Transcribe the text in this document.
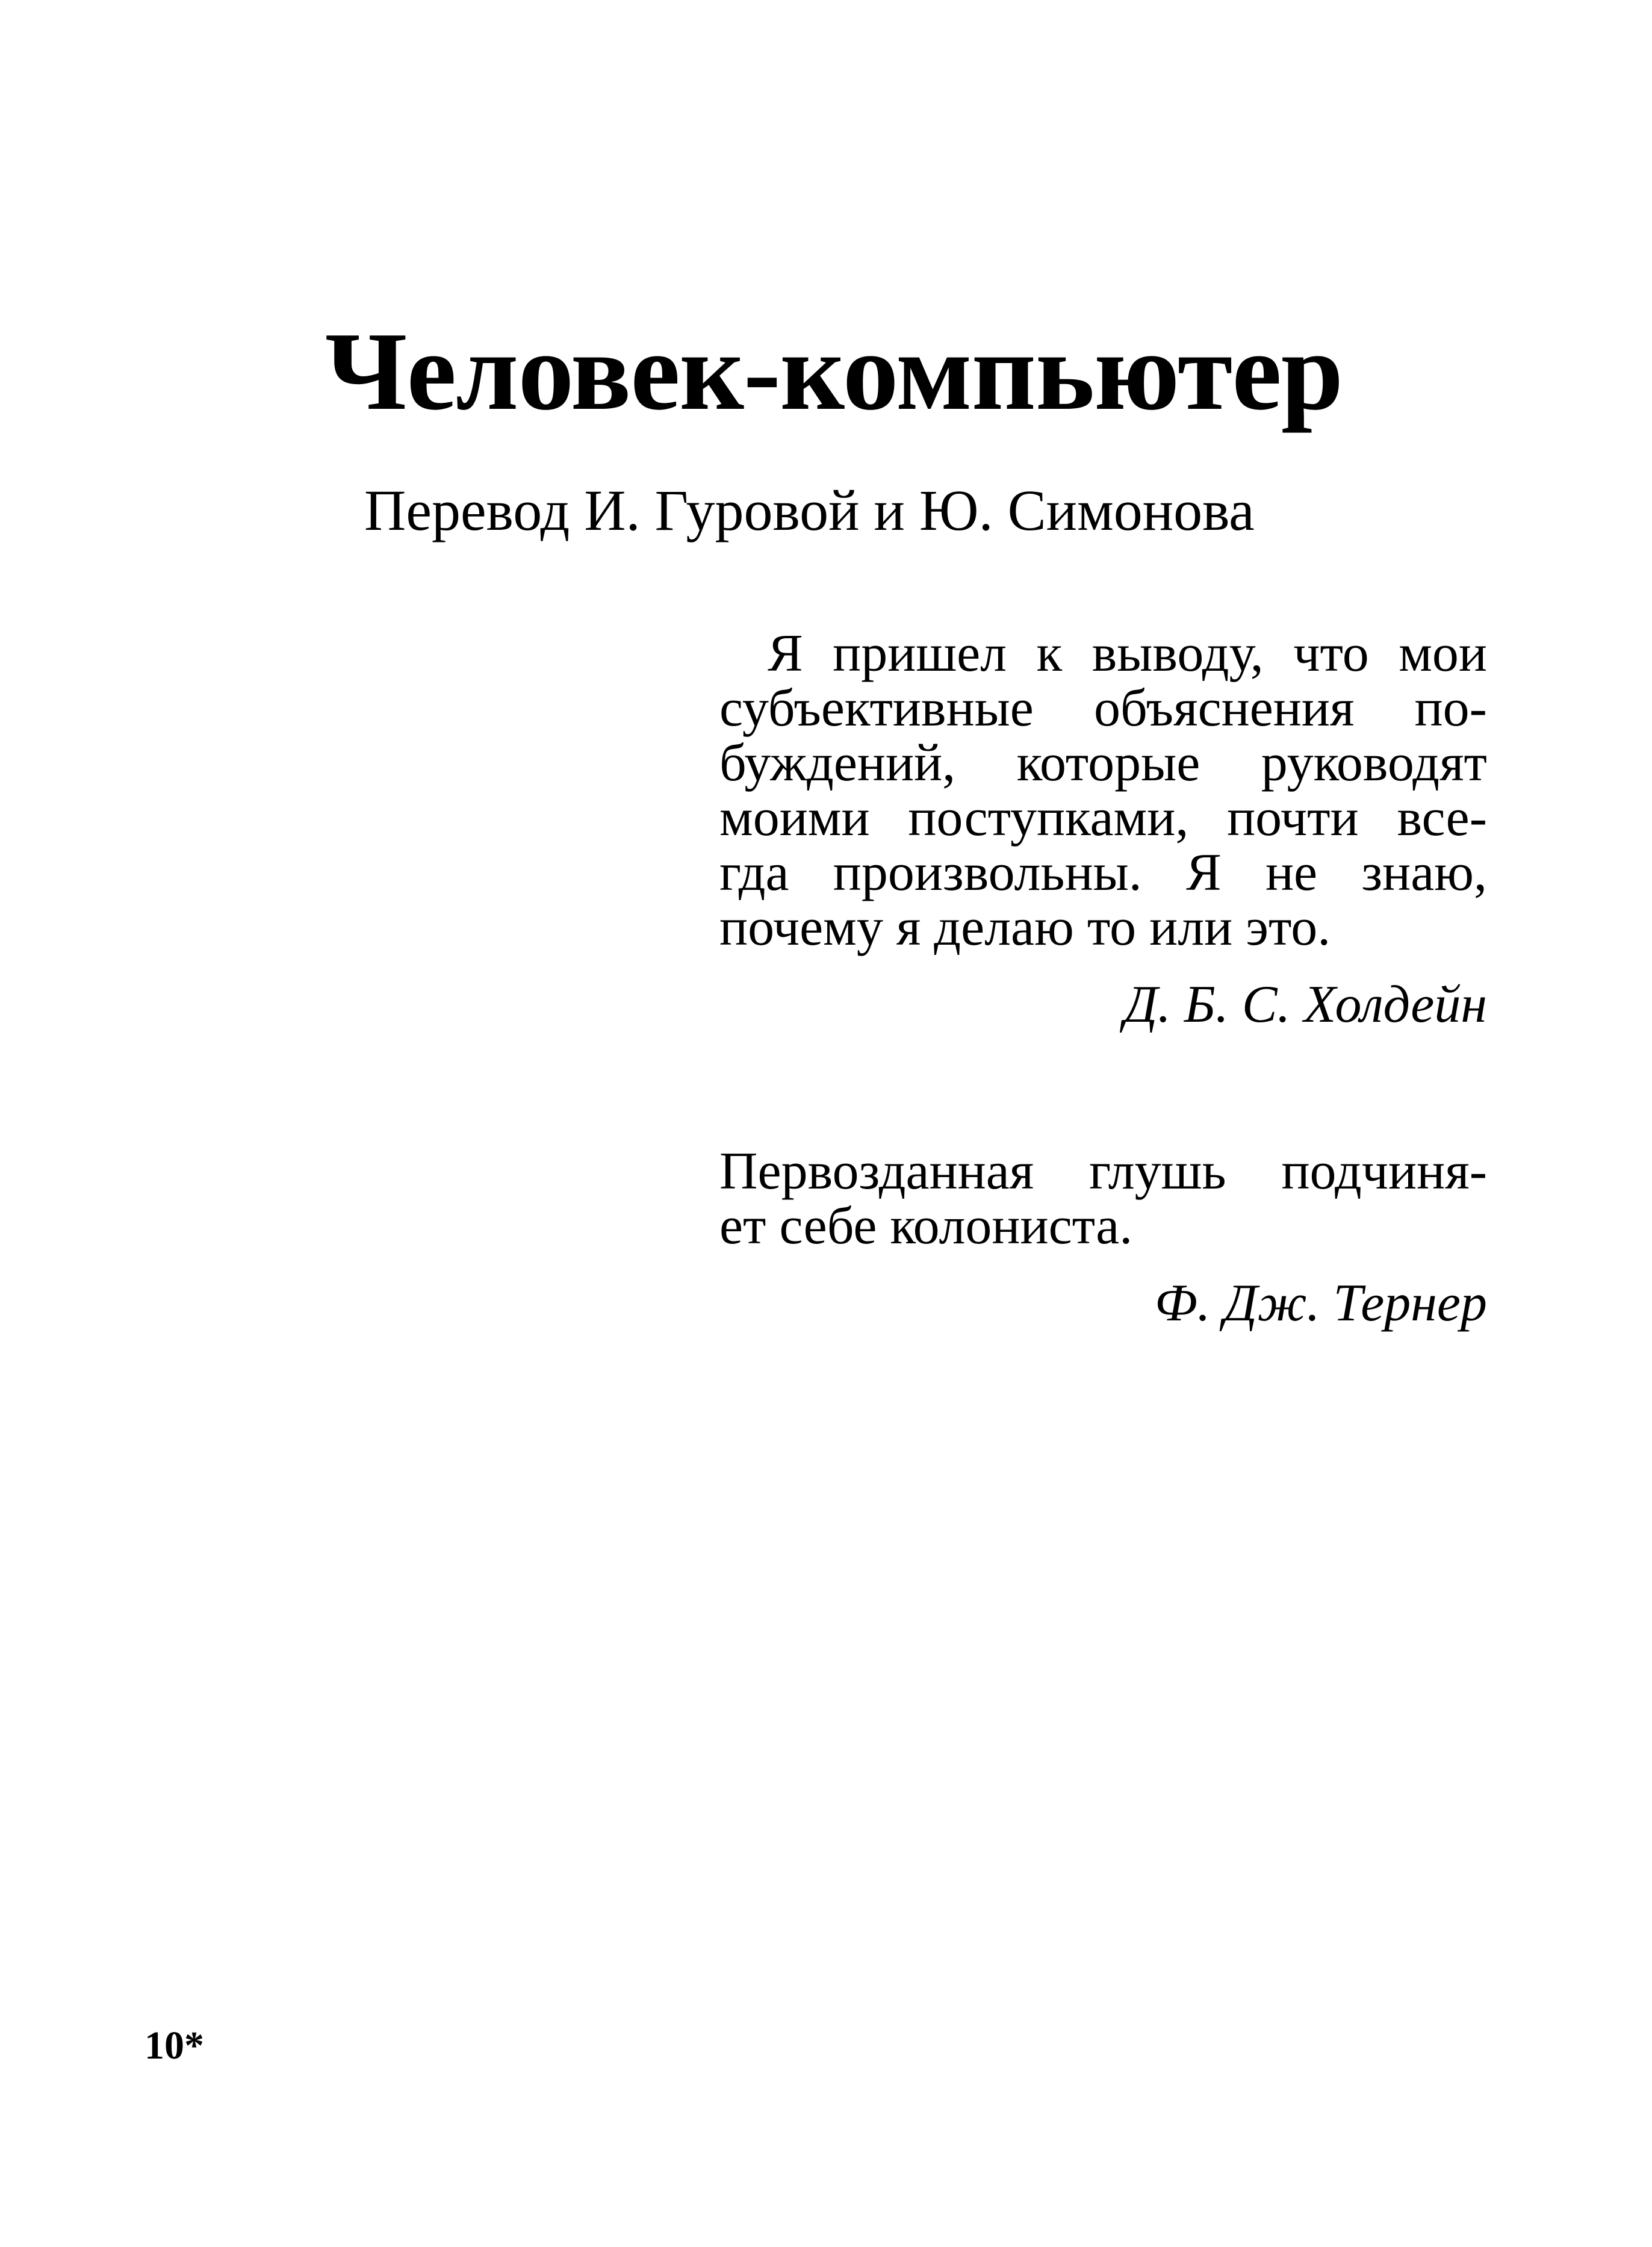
Человек-компьютер

Перевод И. Гуровой и Ю. Симонова

Я пришел к выводу, что мои
субъективные объяснения по-
буждений, которые руководят
моими поступками, почти все-
гда произвольны. Я не знаю,
почему я делаю то или это.

Д. Б. С. Холдейн

Первозданная глушь подчиня-
ет себе колониста.

Ф. Дж. Тернер

10*
